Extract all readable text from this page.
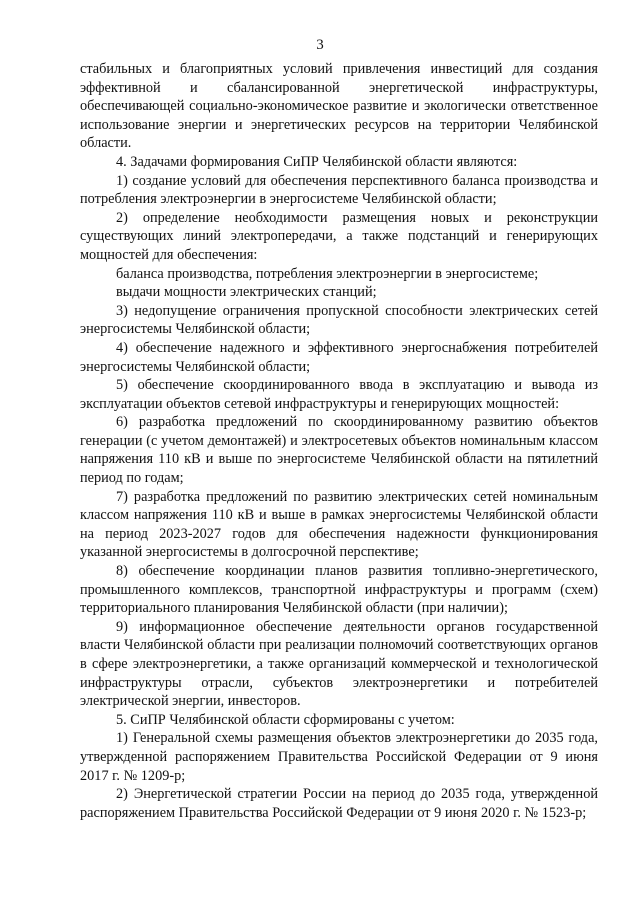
3

стабильных и благоприятных условий привлечения инвестиций для создания эффективной и сбалансированной энергетической инфраструктуры, обеспечивающей социально-экономическое развитие и экологически ответственное использование энергии и энергетических ресурсов на территории Челябинской области.

4. Задачами формирования СиПР Челябинской области являются:

1) создание условий для обеспечения перспективного баланса производства и потребления электроэнергии в энергосистеме Челябинской области;

2) определение необходимости размещения новых и реконструкции существующих линий электропередачи, а также подстанций и генерирующих мощностей для обеспечения:

баланса производства, потребления электроэнергии в энергосистеме;

выдачи мощности электрических станций;

3) недопущение ограничения пропускной способности электрических сетей энергосистемы Челябинской области;

4) обеспечение надежного и эффективного энергоснабжения потребителей энергосистемы Челябинской области;

5) обеспечение скоординированного ввода в эксплуатацию и вывода из эксплуатации объектов сетевой инфраструктуры и генерирующих мощностей:

6) разработка предложений по скоординированному развитию объектов генерации (с учетом демонтажей) и электросетевых объектов номинальным классом напряжения 110 кВ и выше по энергосистеме Челябинской области на пятилетний период по годам;

7) разработка предложений по развитию электрических сетей номинальным классом напряжения 110 кВ и выше в рамках энергосистемы Челябинской области на период 2023-2027 годов для обеспечения надежности функционирования указанной энергосистемы в долгосрочной перспективе;

8) обеспечение координации планов развития топливно-энергетического, промышленного комплексов, транспортной инфраструктуры и программ (схем) территориального планирования Челябинской области (при наличии);

9) информационное обеспечение деятельности органов государственной власти Челябинской области при реализации полномочий соответствующих органов в сфере электроэнергетики, а также организаций коммерческой и технологической инфраструктуры отрасли, субъектов электроэнергетики и потребителей электрической энергии, инвесторов.

5. СиПР Челябинской области сформированы с учетом:

1) Генеральной схемы размещения объектов электроэнергетики до 2035 года, утвержденной распоряжением Правительства Российской Федерации от 9 июня 2017 г. № 1209-р;

2) Энергетической стратегии России на период до 2035 года, утвержденной распоряжением Правительства Российской Федерации от 9 июня 2020 г. № 1523-р;
